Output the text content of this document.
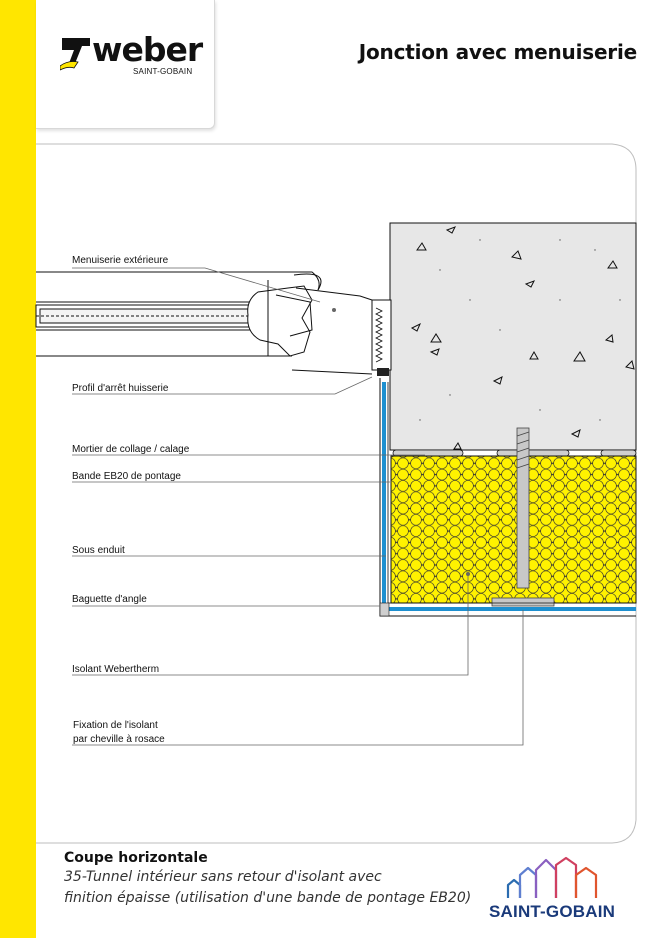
weber
SAINT-GOBAIN
Jonction avec menuiserie
Menuiserie extérieure
Profil d'arrêt huisserie
Mortier de collage / calage
Bande EB20 de pontage
Sous enduit
Baguette d'angle
Isolant Webertherm
Fixation de l'isolant
par cheville à rosace
Coupe horizontale
35-Tunnel intérieur sans retour d'isolant avec
finition épaisse (utilisation d'une bande de pontage EB20)
SAINT-GOBAIN
